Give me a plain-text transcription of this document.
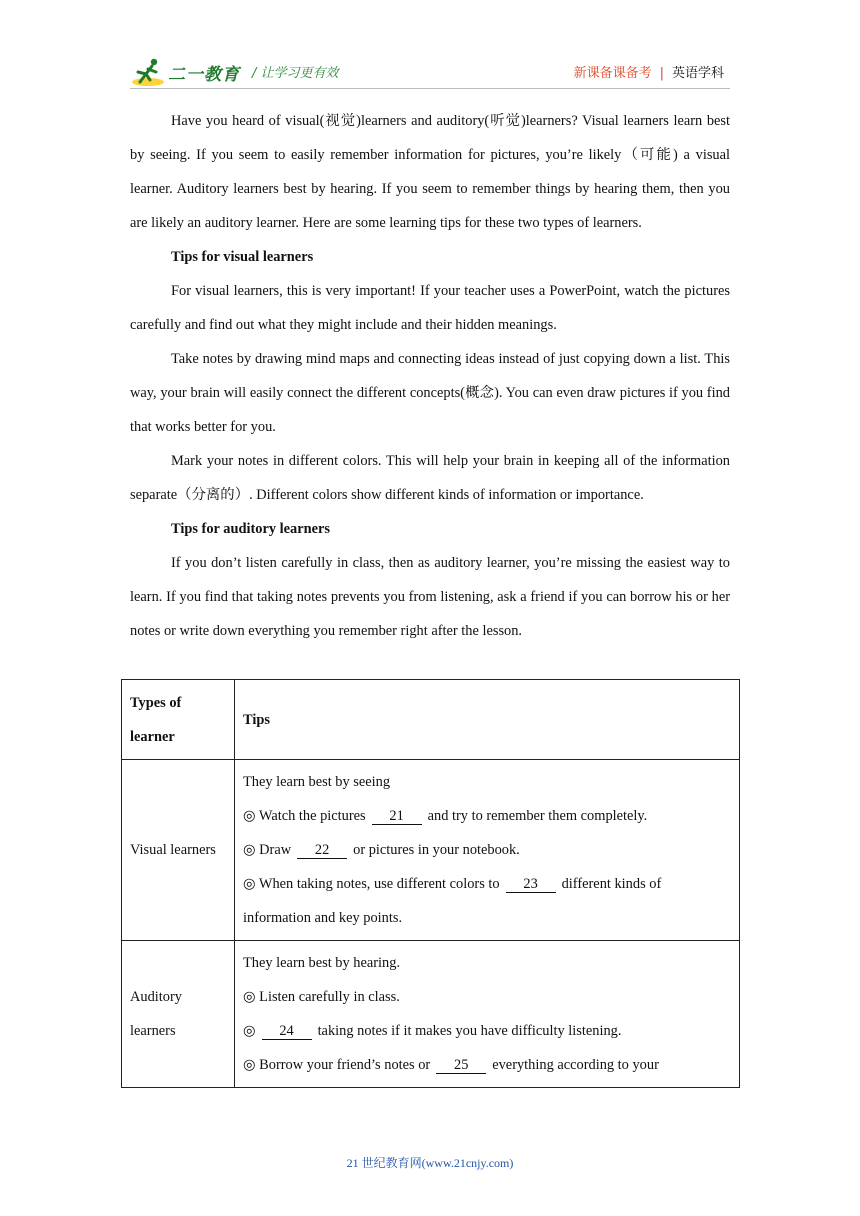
二一教育 / 让学习更有效	新课备课备考 | 英语学科

Have you heard of visual(视觉)learners and auditory(听觉)learners? Visual learners learn best by seeing. If you seem to easily remember information for pictures, you’re likely（可能) a visual learner. Auditory learners best by hearing. If you seem to remember things by hearing them, then you are likely an auditory learner. Here are some learning tips for these two types of learners.

Tips for visual learners

For visual learners, this is very important! If your teacher uses a PowerPoint, watch the pictures carefully and find out what they might include and their hidden meanings.

Take notes by drawing mind maps and connecting ideas instead of just copying down a list. This way, your brain will easily connect the different concepts(概念). You can even draw pictures if you find that works better for you.

Mark your notes in different colors. This will help your brain in keeping all of the information separate（分离的）. Different colors show different kinds of information or importance.

Tips for auditory learners

If you don’t listen carefully in class, then as auditory learner, you’re missing the easiest way to learn. If you find that taking notes prevents you from listening, ask a friend if you can borrow his or her notes or write down everything you remember right after the lesson.

Types of learner	Tips
Visual learners	They learn best by seeing
◎ Watch the pictures 21 and try to remember them completely.
◎ Draw 22 or pictures in your notebook.
◎ When taking notes, use different colors to 23 different kinds of
information and key points.

Auditory learners	They learn best by hearing.
◎ Listen carefully in class.
◎ 24 taking notes if it makes you have difficulty listening.
◎ Borrow your friend’s notes or 25 everything according to your
21 世纪教育网(www.21cnjy.com)
